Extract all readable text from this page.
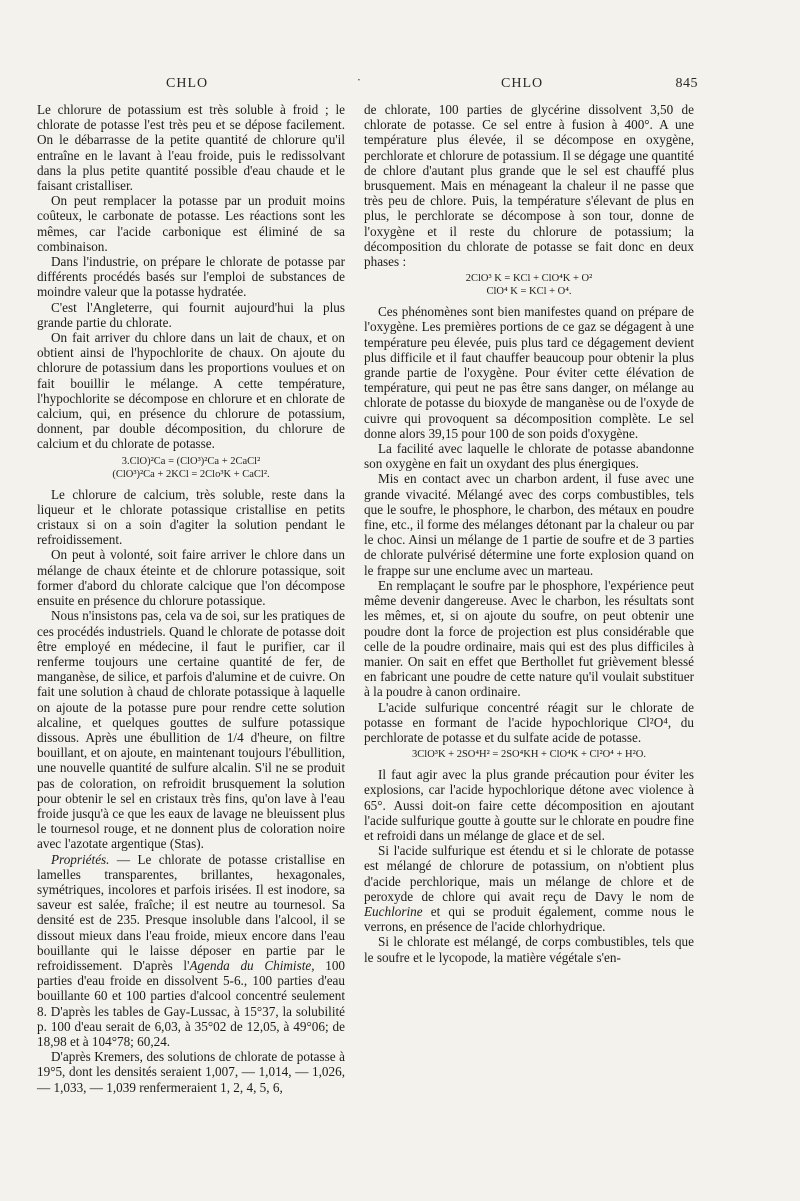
CHLO	·	CHLO	845

Le chlorure de potassium est très soluble à froid ; le chlorate de potasse l'est très peu et se dépose facilement. On le débarrasse de la petite quantité de chlorure qu'il entraîne en le lavant à l'eau froide, puis le redissolvant dans la plus petite quantité possible d'eau chaude et le faisant cristalliser.

On peut remplacer la potasse par un produit moins coûteux, le carbonate de potasse. Les réactions sont les mêmes, car l'acide carbonique est éliminé de sa combinaison.

Dans l'industrie, on prépare le chlorate de potasse par différents procédés basés sur l'emploi de substances de moindre valeur que la potasse hydratée.

C'est l'Angleterre, qui fournit aujourd'hui la plus grande partie du chlorate.

On fait arriver du chlore dans un lait de chaux, et on obtient ainsi de l'hypochlorite de chaux. On ajoute du chlorure de potassium dans les proportions voulues et on fait bouillir le mélange. A cette température, l'hypochlorite se décompose en chlorure et en chlorate de calcium, qui, en présence du chlorure de potassium, donnent, par double décomposition, du chlorure de calcium et du chlorate de potasse.

3.ClO)²Ca = (ClO³)²Ca + 2CaCl²
(ClO³)²Ca + 2KCl = 2Clo³K + CaCl².

Le chlorure de calcium, très soluble, reste dans la liqueur et le chlorate potassique cristallise en petits cristaux si on a soin d'agiter la solution pendant le refroidissement.

On peut à volonté, soit faire arriver le chlore dans un mélange de chaux éteinte et de chlorure potassique, soit former d'abord du chlorate calcique que l'on décompose ensuite en présence du chlorure potassique.

Nous n'insistons pas, cela va de soi, sur les pratiques de ces procédés industriels. Quand le chlorate de potasse doit être employé en médecine, il faut le purifier, car il renferme toujours une certaine quantité de fer, de manganèse, de silice, et parfois d'alumine et de cuivre. On fait une solution à chaud de chlorate potassique à laquelle on ajoute de la potasse pure pour rendre cette solution alcaline, et quelques gouttes de sulfure potassique dissous. Après une ébullition de 1/4 d'heure, on filtre bouillant, et on ajoute, en maintenant toujours l'ébullition, une nouvelle quantité de sulfure alcalin. S'il ne se produit pas de coloration, on refroidit brusquement la solution pour obtenir le sel en cristaux très fins, qu'on lave à l'eau froide jusqu'à ce que les eaux de lavage ne bleuissent plus le tournesol rouge, et ne donnent plus de coloration noire avec l'azotate argentique (Stas).

Propriétés. — Le chlorate de potasse cristallise en lamelles transparentes, brillantes, hexagonales, symétriques, incolores et parfois irisées. Il est inodore, sa saveur est salée, fraîche; il est neutre au tournesol. Sa densité est de 235. Presque insoluble dans l'alcool, il se dissout mieux dans l'eau froide, mieux encore dans l'eau bouillante qui le laisse déposer en partie par le refroidissement. D'après l'Agenda du Chimiste, 100 parties d'eau froide en dissolvent 5-6., 100 parties d'eau bouillante 60 et 100 parties d'alcool concentré seulement 8. D'après les tables de Gay-Lussac, à 15°37, la solubilité p. 100 d'eau serait de 6,03, à 35°02 de 12,05, à 49°06; de 18,98 et à 104°78; 60,24.

D'après Kremers, des solutions de chlorate de potasse à 19°5, dont les densités seraient 1,007, — 1,014, — 1,026, — 1,033, — 1,039 renfermeraient 1, 2, 4, 5, 6,

de chlorate, 100 parties de glycérine dissolvent 3,50 de chlorate de potasse. Ce sel entre à fusion à 400°. A une température plus élevée, il se décompose en oxygène, perchlorate et chlorure de potassium. Il se dégage une quantité de chlore d'autant plus grande que le sel est chauffé plus brusquement. Mais en ménageant la chaleur il ne passe que très peu de chlore. Puis, la température s'élevant de plus en plus, le perchlorate se décompose à son tour, donne de l'oxygène et il reste du chlorure de potassium; la décomposition du chlorate de potasse se fait donc en deux phases :

2ClO³ K = KCl + ClO⁴K + O²
ClO⁴ K = KCl + O⁴.

Ces phénomènes sont bien manifestes quand on prépare de l'oxygène. Les premières portions de ce gaz se dégagent à une température peu élevée, puis plus tard ce dégagement devient plus difficile et il faut chauffer beaucoup pour obtenir la plus grande partie de l'oxygène. Pour éviter cette élévation de température, qui peut ne pas être sans danger, on mélange au chlorate de potasse du bioxyde de manganèse ou de l'oxyde de cuivre qui provoquent sa décomposition complète. Le sel donne alors 39,15 pour 100 de son poids d'oxygène.

La facilité avec laquelle le chlorate de potasse abandonne son oxygène en fait un oxydant des plus énergiques.

Mis en contact avec un charbon ardent, il fuse avec une grande vivacité. Mélangé avec des corps combustibles, tels que le soufre, le phosphore, le charbon, des métaux en poudre fine, etc., il forme des mélanges détonant par la chaleur ou par le choc. Ainsi un mélange de 1 partie de soufre et de 3 parties de chlorate pulvérisé détermine une forte explosion quand on le frappe sur une enclume avec un marteau.

En remplaçant le soufre par le phosphore, l'expérience peut même devenir dangereuse. Avec le charbon, les résultats sont les mêmes, et, si on ajoute du soufre, on peut obtenir une poudre dont la force de projection est plus considérable que celle de la poudre ordinaire, mais qui est des plus difficiles à manier. On sait en effet que Berthollet fut grièvement blessé en fabricant une poudre de cette nature qu'il voulait substituer à la poudre à canon ordinaire.

L'acide sulfurique concentré réagit sur le chlorate de potasse en formant de l'acide hypochlorique Cl²O⁴, du perchlorate de potasse et du sulfate acide de potasse.

3ClO³K + 2SO⁴H² = 2SO⁴KH + ClO⁴K + Cl²O⁴ + H²O.

Il faut agir avec la plus grande précaution pour éviter les explosions, car l'acide hypochlorique détone avec violence à 65°. Aussi doit-on faire cette décomposition en ajoutant l'acide sulfurique goutte à goutte sur le chlorate en poudre fine et refroidi dans un mélange de glace et de sel.

Si l'acide sulfurique est étendu et si le chlorate de potasse est mélangé de chlorure de potassium, on n'obtient plus d'acide perchlorique, mais un mélange de chlore et de peroxyde de chlore qui avait reçu de Davy le nom de Euchlorine et qui se produit également, comme nous le verrons, en présence de l'acide chlorhydrique.

Si le chlorate est mélangé, de corps combustibles, tels que le soufre et le lycopode, la matière végétale s'en-
